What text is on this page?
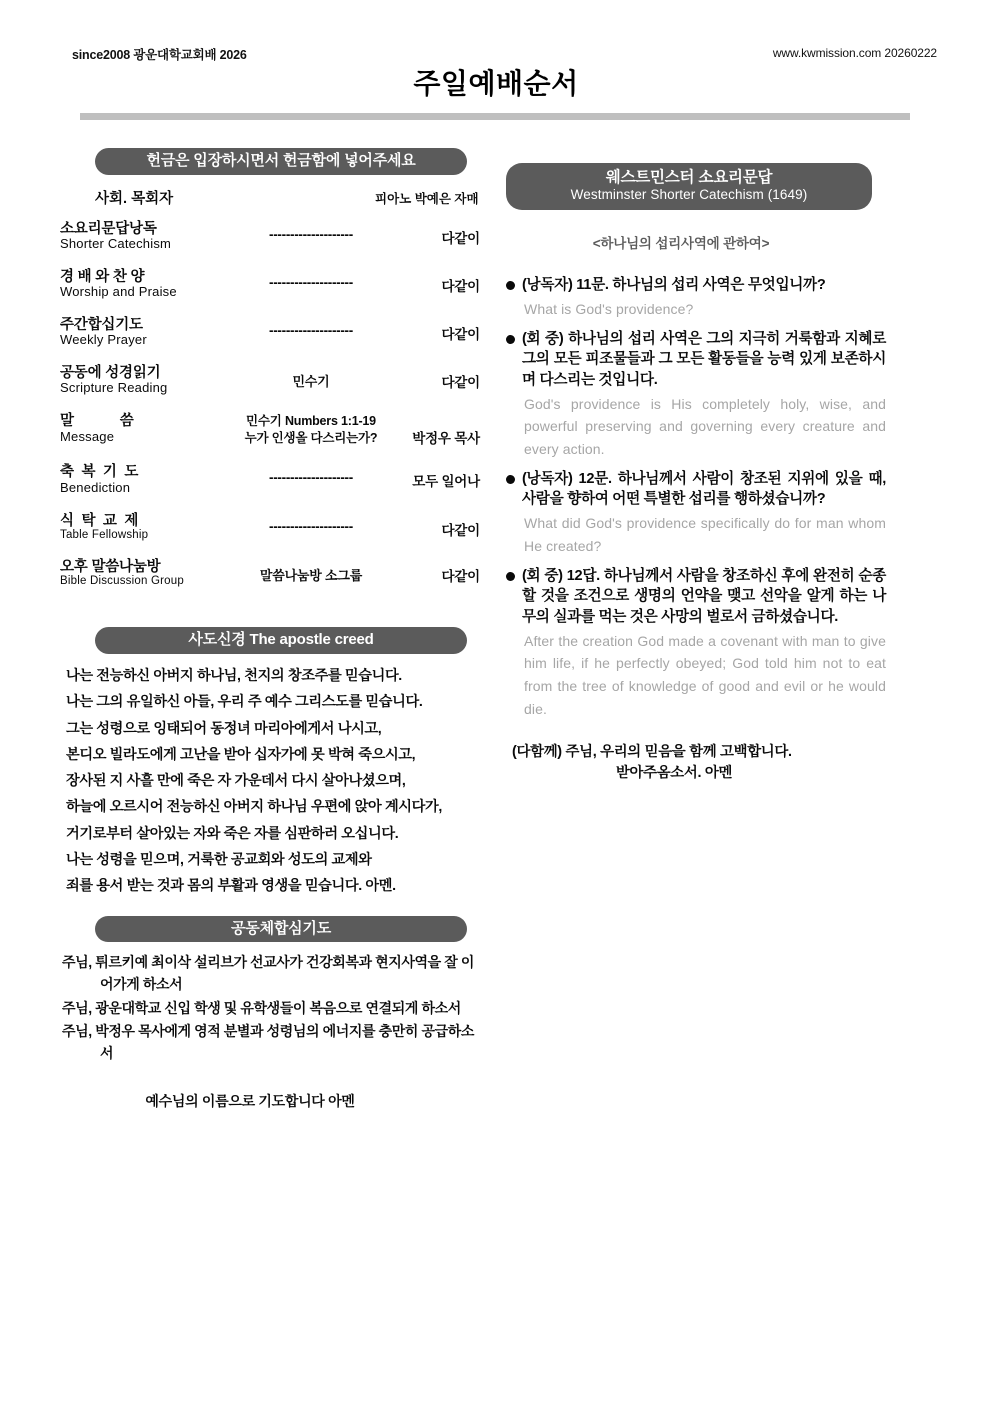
since2008 광운대학교회배 2026	www.kwmission.com 20260222
주일예배순서
헌금은 입장하시면서 헌금함에 넣어주세요
사회. 목회자	피아노 박예은 자매
소요리문답낭독
Shorter Catechism	--------------------	다같이

경 배 와 찬 양
Worship and Praise	--------------------	다같이

주간합십기도
Weekly Prayer	--------------------	다같이

공동에 성경읽기
Scripture Reading	민수기	다같이

말            씀
Message

민수기 Numbers 1:1-19
누가 인생올 다스리는가?	박정우 목사

축  복  기  도
Benediction	--------------------	모두 일어나

식  탁  교  제
Table Fellowship	--------------------	다같이

오후 말씀나눔방
Bible Discussion Group	말씀나눔방 소그룹	다같이
사도신경 The apostle creed
나는 전능하신 아버지 하나님, 천지의 창조주를 믿습니다.
나는 그의 유일하신 아들, 우리 주 예수 그리스도를 믿습니다.
그는 성령으로 잉태되어 동정녀 마리아에게서 나시고,
본디오 빌라도에게 고난을 받아 십자가에 못 박혀 죽으시고,
장사된 지 사흘 만에 죽은 자 가운데서 다시 살아나셨으며,
하늘에 오르시어 전능하신 아버지 하나님 우편에 앉아 계시다가,
거기로부터 살아있는 자와 죽은 자를 심판하러 오십니다.
나는 성령을 믿으며, 거룩한 공교회와 성도의 교제와
죄를 용서 받는 것과 몸의 부활과 영생을 믿습니다. 아멘.
공동체합심기도
주님, 튀르키예 최이삭 설리브가 선교사가 건강회복과 현지사역을 잘 이어가게 하소서
주님, 광운대학교 신입 학생 및 유학생들이 복음으로 연결되게 하소서
주님, 박정우 목사에게 영적 분별과 성령님의 에너지를 충만히 공급하소서
예수님의 이름으로 기도합니다 아멘
웨스트민스터 소요리문답
Westminster Shorter Catechism (1649)
<하나님의 섭리사역에 관하여>
(낭독자) 11문. 하나님의 섭리 사역은 무엇입니까?
What is God's providence?
(회 중) 하나님의 섭리 사역은 그의 지극히 거룩함과 지혜로 그의 모든 피조물들과 그 모든 활동들을 능력 있게 보존하시며 다스리는 것입니다.
God's providence is His completely holy, wise, and powerful preserving and governing every creature and every action.
(낭독자) 12문. 하나님께서 사람이 창조된 지위에 있을 때, 사람을 향하여 어떤 특별한 섭리를 행하셨습니까?
What did God's providence specifically do for man whom He created?
(회 중) 12답. 하나님께서 사람을 창조하신 후에 완전히 순종할 것을 조건으로 생명의 언약을 맺고 선악을 알게 하는 나무의 실과를 먹는 것은 사망의 벌로서 금하셨습니다.
After the creation God made a covenant with man to give him life, if he perfectly obeyed; God told him not to eat from the tree of knowledge of good and evil or he would die.
(다함께) 주님, 우리의 믿음을 함께 고백합니다.
받아주옴소서. 아멘
